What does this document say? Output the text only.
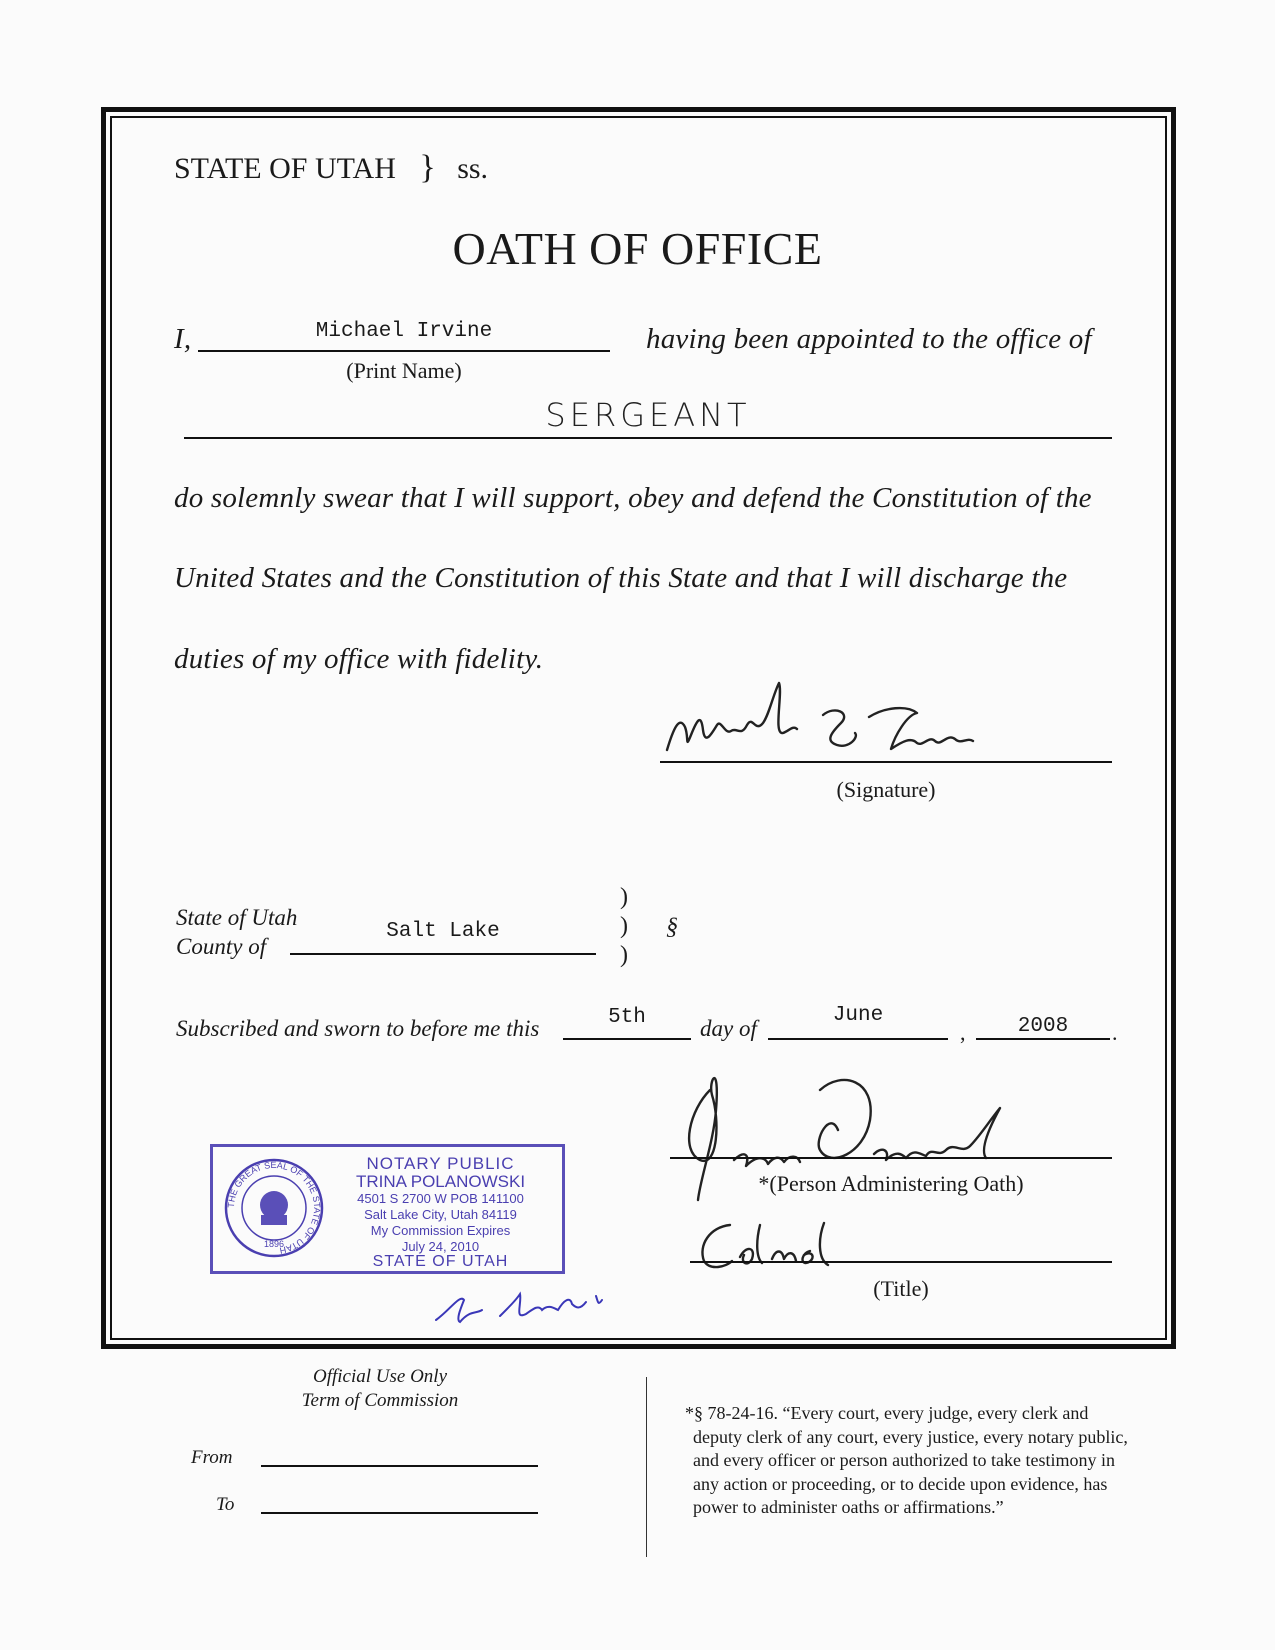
STATE OF UTAH } ss.
OATH OF OFFICE
I,	Michael Irvine
(Print Name)
having been appointed to the office of
SERGEANT
do solemnly swear that I will support, obey and defend the Constitution of the
United States and the Constitution of this State and that I will discharge the
duties of my office with fidelity.
(Signature)
State of Utah
County of
Salt Lake
)
)
)
§
Subscribed and sworn to before me this	5th	day of
June
,	2008	.
*(Person Administering Oath)
(Title)
THE GREAT SEAL OF THE STATE OF UTAH
1896
NOTARY PUBLIC
TRINA POLANOWSKI
4501 S 2700 W POB 141100
Salt Lake City, Utah 84119
My Commission Expires
July 24, 2010
STATE OF UTAH
Official Use Only
Term of Commission
From
To
*§ 78-24-16. “Every court, every judge, every clerk and
deputy clerk of any court, every justice, every notary public,
and every officer or person authorized to take testimony in
any action or proceeding, or to decide upon evidence, has
power to administer oaths or affirmations.”
